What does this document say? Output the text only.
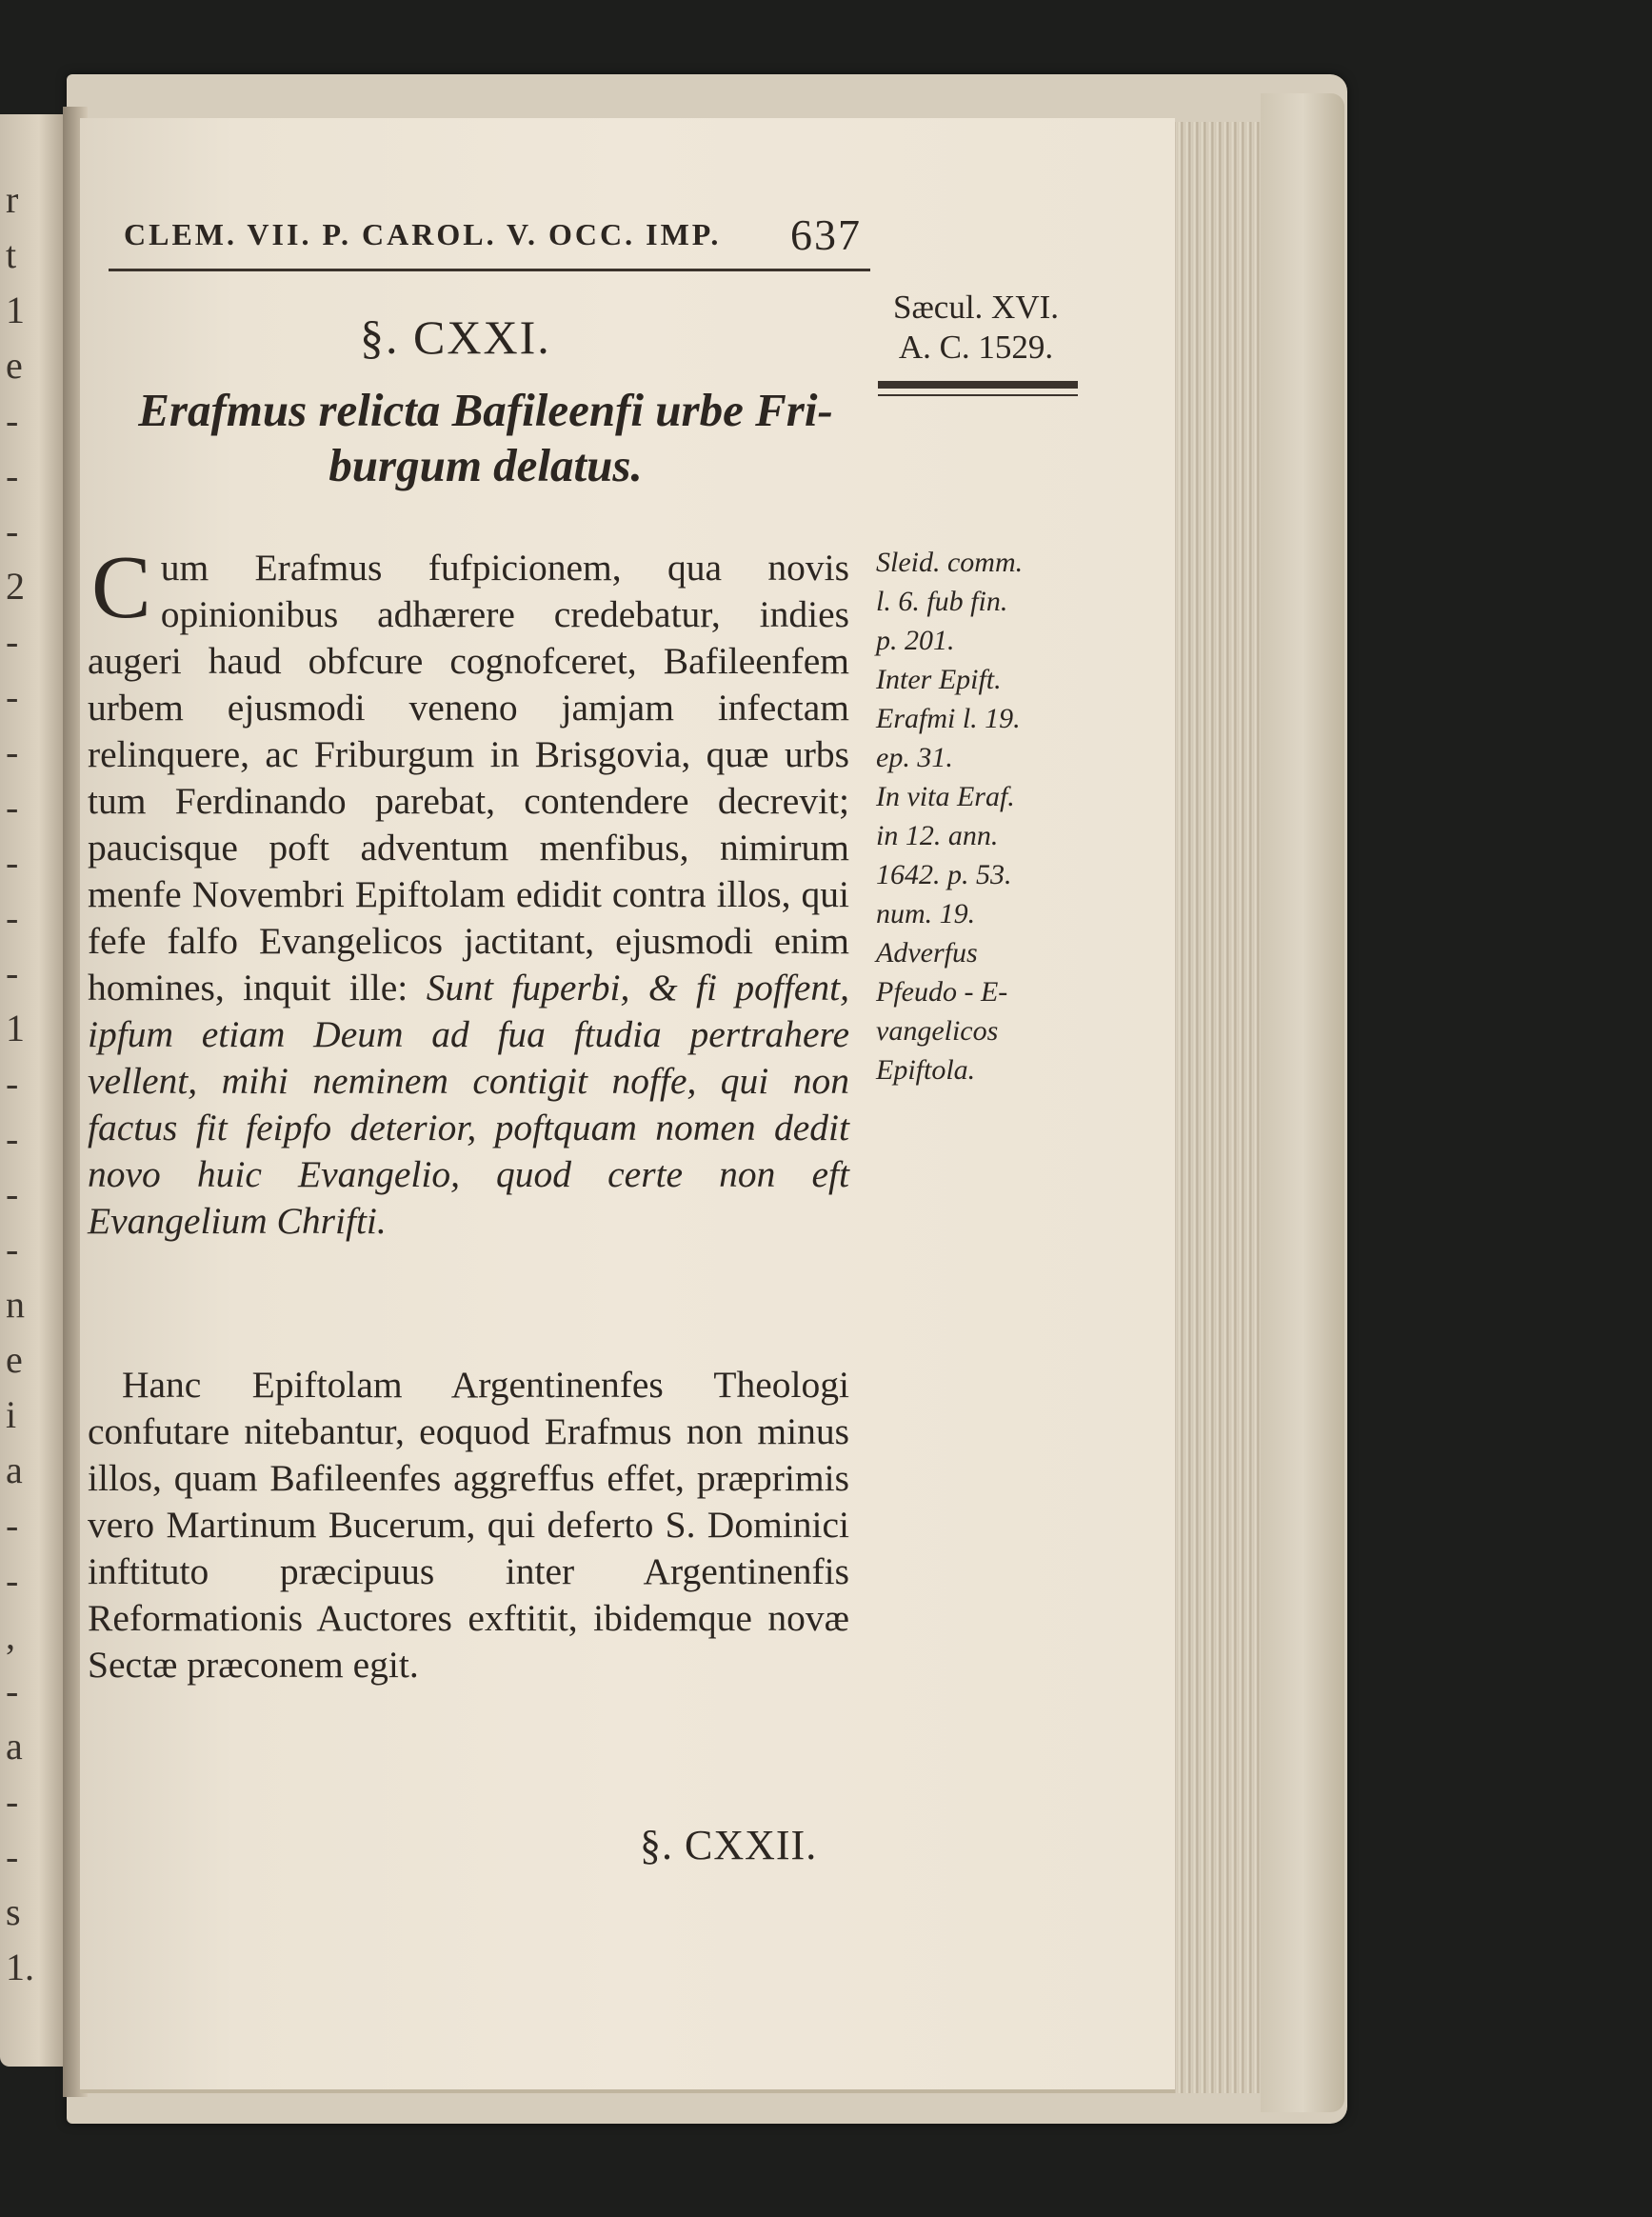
r
t
1
e
-
-
-
2
-
-
-
-
-
-
-
1
-
-
-
-
n
e
i
a
-
-
,
-
a
-
-
s
1.
CLEM. VII. P. CAROL. V. OCC. IMP. 637
§. CXXI.
Erafmus relicta Bafileenfi urbe Fri-
burgum delatus.
Sæcul. XVI.
A. C. 1529.
Cum Erafmus fufpicionem, qua novis opinionibus adhærere credebatur, indies augeri haud obfcure cognofceret, Bafileenfem urbem ejusmodi veneno jamjam infectam relinquere, ac Friburgum in Brisgovia, quæ urbs tum Ferdinando parebat, contendere decrevit; paucisque poft adventum menfibus, nimirum menfe Novembri Epiftolam edidit contra illos, qui fefe falfo Evangelicos jactitant, ejusmodi enim homines, inquit ille: Sunt fuperbi, & fi poffent, ipfum etiam Deum ad fua ftudia pertrahere vellent, mihi neminem contigit noffe, qui non factus fit feipfo deterior, poftquam nomen dedit novo huic Evangelio, quod certe non eft Evangelium Chrifti.
Hanc Epiftolam Argentinenfes Theologi confutare nitebantur, eoquod Erafmus non minus illos, quam Bafileenfes aggreffus effet, præprimis vero Martinum Bucerum, qui deferto S. Dominici inftituto præcipuus inter Argentinenfis Reformationis Auctores exftitit, ibidemque novæ Sectæ præconem egit.
Sleid. comm.
l. 6. fub fin.
p. 201.
Inter Epift.
Erafmi l. 19.
ep. 31.
In vita Eraf.
in 12. ann.
1642. p. 53.
num. 19.
Adverfus
Pfeudo - E-
vangelicos
Epiftola.
§. CXXII.
